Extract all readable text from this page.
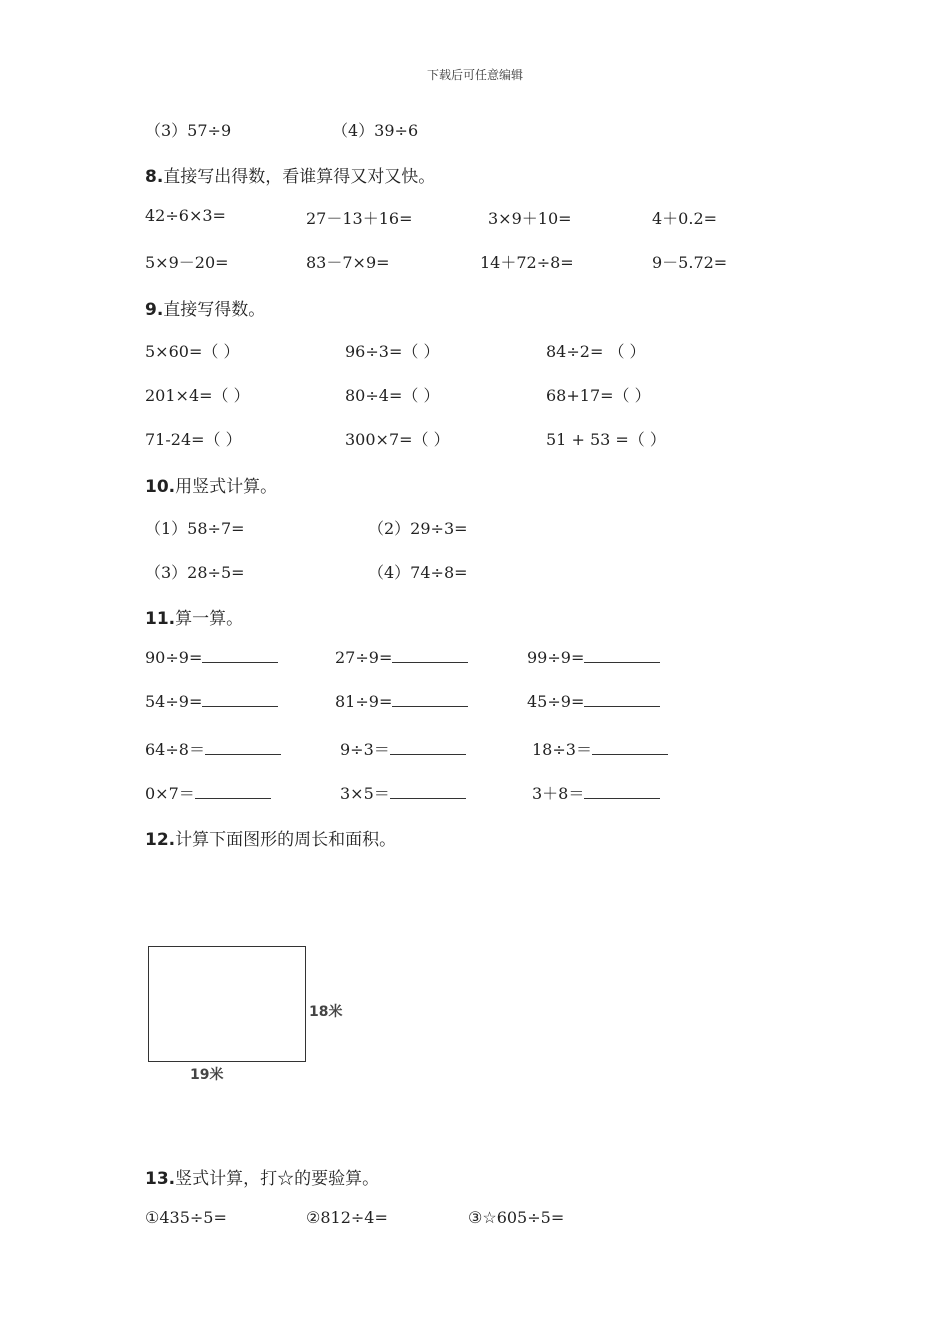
下载后可任意编辑
（3）57÷9	（4）39÷6
8.直接写出得数，看谁算得又对又快。
42÷6×3=	27－13＋16=	3×9＋10=	4＋0.2=
5×9－20=	83－7×9=	14＋72÷8=	9－5.72=
9.直接写得数。
5×60=（ ）	96÷3=（ ）	84÷2= （ ）
201×4=（ ）	80÷4=（ ）	68+17=（ ）
71-24=（ ）	300×7=（ ）	51 + 53 =（ ）
10.用竖式计算。
（1）58÷7=	（2）29÷3=
（3）28÷5=	（4）74÷8=
11.算一算。
90÷9=	27÷9=	99÷9=
54÷9=	81÷9=	45÷9=
64÷8＝	9÷3＝	18÷3＝
0×7＝	3×5＝	3＋8＝
12.计算下面图形的周长和面积。
18米
19米
13.竖式计算，打☆的要验算。
①435÷5=	②812÷4=	③☆605÷5=
